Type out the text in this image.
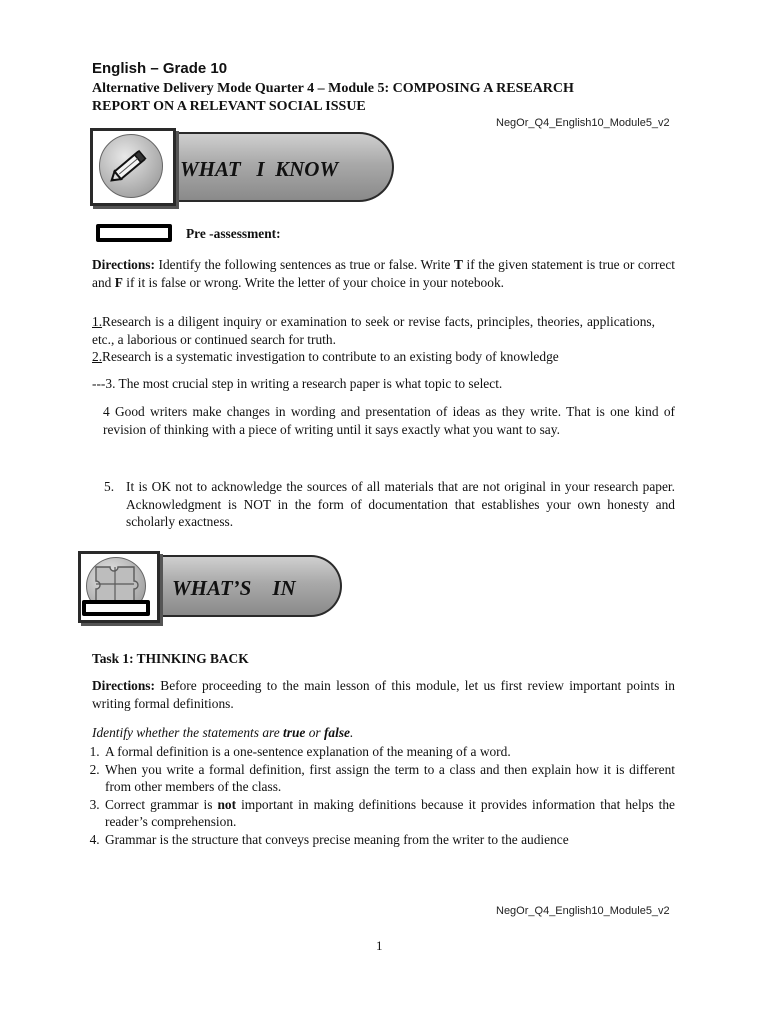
English – Grade 10
Alternative Delivery Mode Quarter 4 – Module 5: COMPOSING A RESEARCH
REPORT ON A RELEVANT SOCIAL ISSUE
NegOr_Q4_English10_Module5_v2
WHAT   I  KNOW
Pre -assessment:
Directions: Identify the following sentences as true or false. Write T if the given statement is true or correct and F if it is false or wrong. Write the letter of your choice in your notebook.
1.Research is a diligent inquiry or examination to seek or revise facts, principles, theories, applications, etc., a laborious or continued search for truth.
2.Research is a systematic investigation to contribute to an existing body of knowledge
---3. The most crucial step in writing a research paper is what topic to select.
4 Good writers make changes in wording and presentation of ideas as they write. That is one kind of revision of thinking with a piece of writing until it says exactly what you want to say.
5. It is OK not to acknowledge the sources of all materials that are not original in your research paper. Acknowledgment is NOT in the form of documentation that establishes your own honesty and scholarly exactness.
WHAT’S    IN
Task 1: THINKING BACK
Directions: Before proceeding to the main lesson of this module, let us first review important points in writing formal definitions.
Identify whether the statements are true or false.
1. A formal definition is a one-sentence explanation of the meaning of a word.
2. When you write a formal definition, first assign the term to a class and then explain how it is different from other members of the class.
3. Correct grammar is not important in making definitions because it provides information that helps the reader’s comprehension.
4. Grammar is the structure that conveys precise meaning from the writer to the audience
NegOr_Q4_English10_Module5_v2
1
